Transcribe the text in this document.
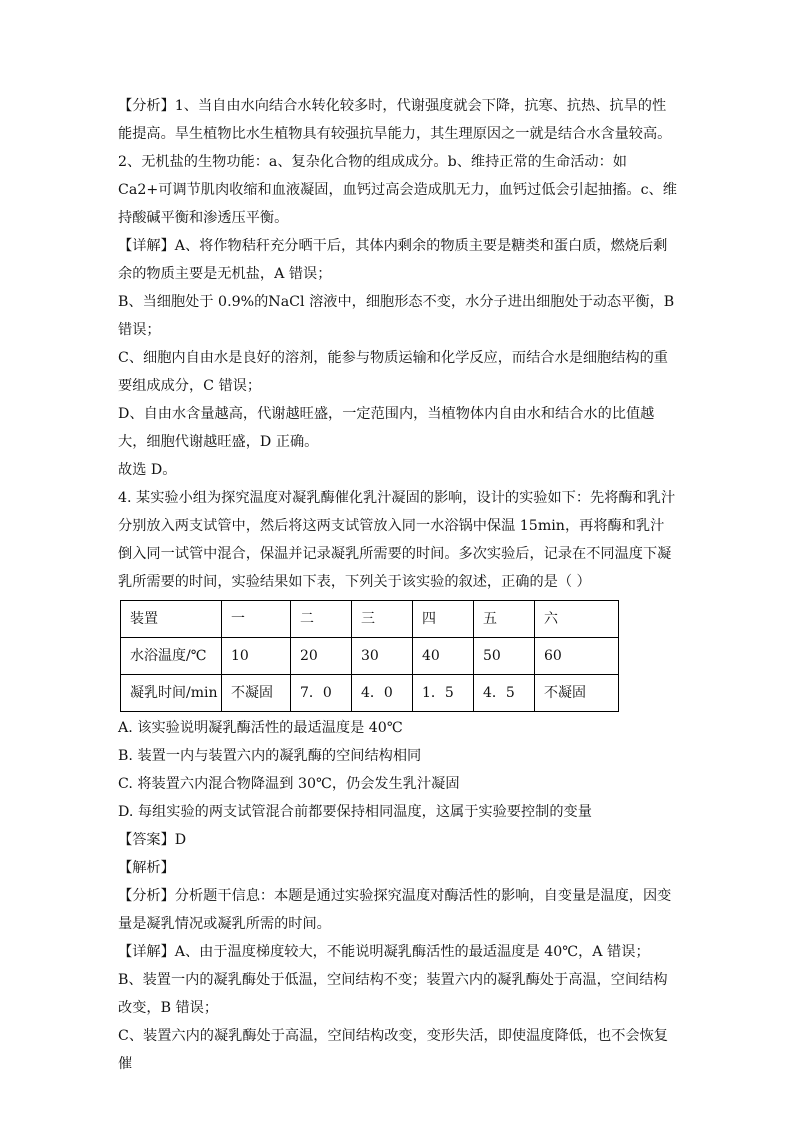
【分析】1、当自由水向结合水转化较多时，代谢强度就会下降，抗寒、抗热、抗旱的性能提高。旱生植物比水生植物具有较强抗旱能力，其生理原因之一就是结合水含量较高。

2、无机盐的生物功能：a、复杂化合物的组成成分。b、维持正常的生命活动：如Ca2+可调节肌肉收缩和血液凝固，血钙过高会造成肌无力，血钙过低会引起抽搐。c、维持酸碱平衡和渗透压平衡。

【详解】A、将作物秸秆充分晒干后，其体内剩余的物质主要是糖类和蛋白质，燃烧后剩余的物质主要是无机盐，A 错误；

B、当细胞处于 0.9%的NaCl 溶液中，细胞形态不变，水分子进出细胞处于动态平衡，B 错误；

C、细胞内自由水是良好的溶剂，能参与物质运输和化学反应，而结合水是细胞结构的重要组成成分，C 错误；

D、自由水含量越高，代谢越旺盛，一定范围内，当植物体内自由水和结合水的比值越大，细胞代谢越旺盛，D 正确。

故选 D。

4. 某实验小组为探究温度对凝乳酶催化乳汁凝固的影响，设计的实验如下：先将酶和乳汁分别放入两支试管中，然后将这两支试管放入同一水浴锅中保温 15min，再将酶和乳汁倒入同一试管中混合，保温并记录凝乳所需要的时间。多次实验后，记录在不同温度下凝乳所需要的时间，实验结果如下表，下列关于该实验的叙述，正确的是（ ）

装置	一	二	三	四	五	六
水浴温度/℃	10	20	30	40	50	60
凝乳时间/min	不凝固	7．0	4．0	1．5	4．5	不凝固

A. 该实验说明凝乳酶活性的最适温度是 40℃

B. 装置一内与装置六内的凝乳酶的空间结构相同

C. 将装置六内混合物降温到 30℃，仍会发生乳汁凝固

D. 每组实验的两支试管混合前都要保持相同温度，这属于实验要控制的变量

【答案】D

【解析】

【分析】分析题干信息：本题是通过实验探究温度对酶活性的影响，自变量是温度，因变量是凝乳情况或凝乳所需的时间。

【详解】A、由于温度梯度较大，不能说明凝乳酶活性的最适温度是 40℃，A 错误；

B、装置一内的凝乳酶处于低温，空间结构不变；装置六内的凝乳酶处于高温，空间结构改变，B 错误；

C、装置六内的凝乳酶处于高温，空间结构改变，变形失活，即使温度降低，也不会恢复催
